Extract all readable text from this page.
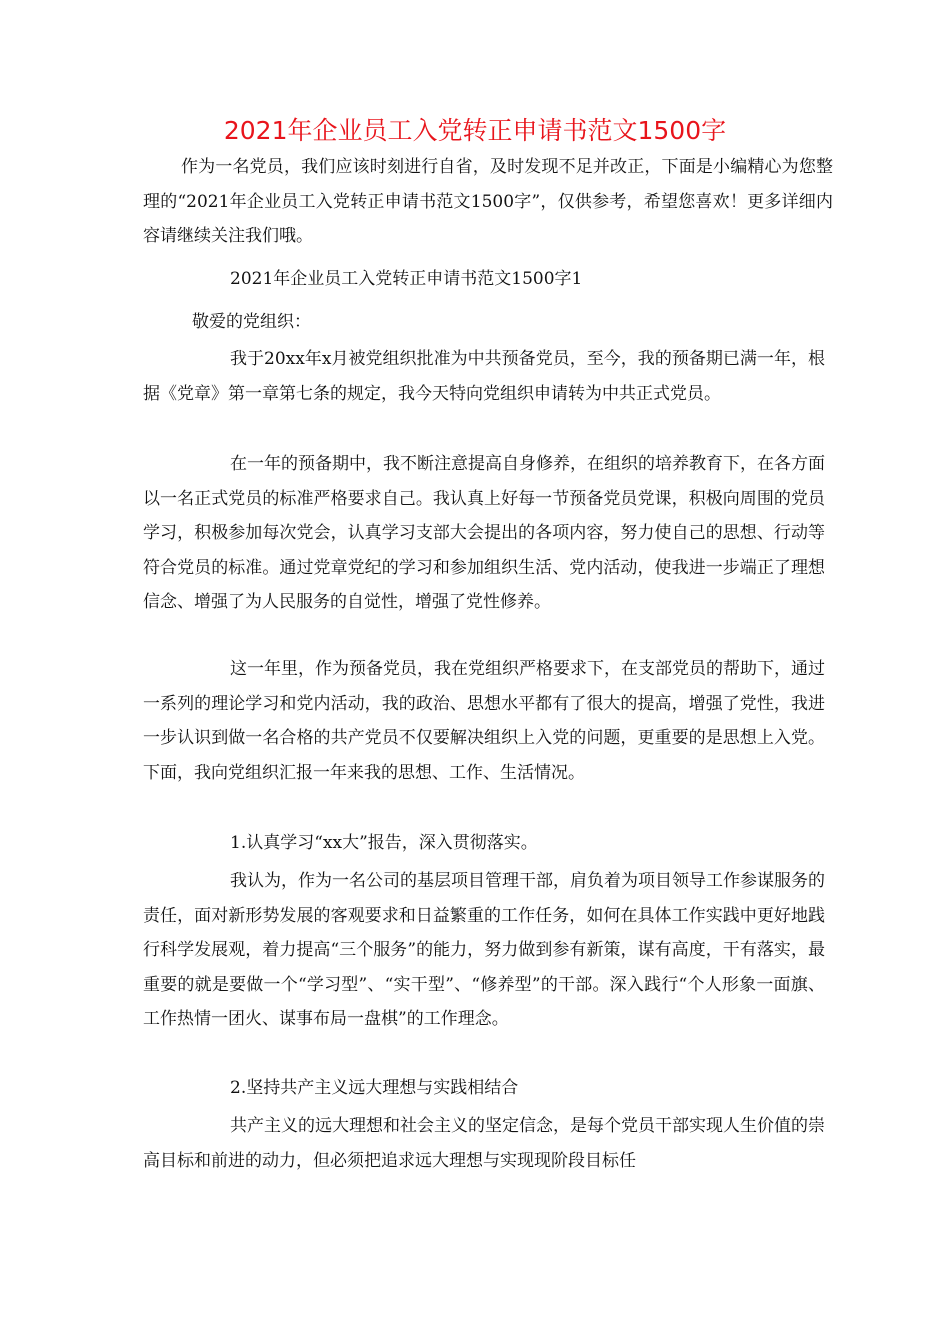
2021年企业员工入党转正申请书范文1500字
作为一名党员，我们应该时刻进行自省，及时发现不足并改正，下面是小编精心为您整理的“2021年企业员工入党转正申请书范文1500字”，仅供参考，希望您喜欢！更多详细内容请继续关注我们哦。
2021年企业员工入党转正申请书范文1500字1
敬爱的党组织：
我于20xx年x月被党组织批准为中共预备党员，至今，我的预备期已满一年，根据《党章》第一章第七条的规定，我今天特向党组织申请转为中共正式党员。
在一年的预备期中，我不断注意提高自身修养，在组织的培养教育下，在各方面以一名正式党员的标准严格要求自己。我认真上好每一节预备党员党课，积极向周围的党员学习，积极参加每次党会，认真学习支部大会提出的各项内容，努力使自己的思想、行动等符合党员的标准。通过党章党纪的学习和参加组织生活、党内活动，使我进一步端正了理想信念、增强了为人民服务的自觉性，增强了党性修养。
这一年里，作为预备党员，我在党组织严格要求下，在支部党员的帮助下，通过一系列的理论学习和党内活动，我的政治、思想水平都有了很大的提高，增强了党性，我进一步认识到做一名合格的共产党员不仅要解决组织上入党的问题，更重要的是思想上入党。下面，我向党组织汇报一年来我的思想、工作、生活情况。
1.认真学习“xx大”报告，深入贯彻落实。
我认为，作为一名公司的基层项目管理干部，肩负着为项目领导工作参谋服务的责任，面对新形势发展的客观要求和日益繁重的工作任务，如何在具体工作实践中更好地践行科学发展观，着力提高“三个服务”的能力，努力做到参有新策，谋有高度，干有落实，最重要的就是要做一个“学习型”、“实干型”、“修养型”的干部。深入践行“个人形象一面旗、工作热情一团火、谋事布局一盘棋”的工作理念。
2.坚持共产主义远大理想与实践相结合
共产主义的远大理想和社会主义的坚定信念，是每个党员干部实现人生价值的崇高目标和前进的动力，但必须把追求远大理想与实现现阶段目标任
